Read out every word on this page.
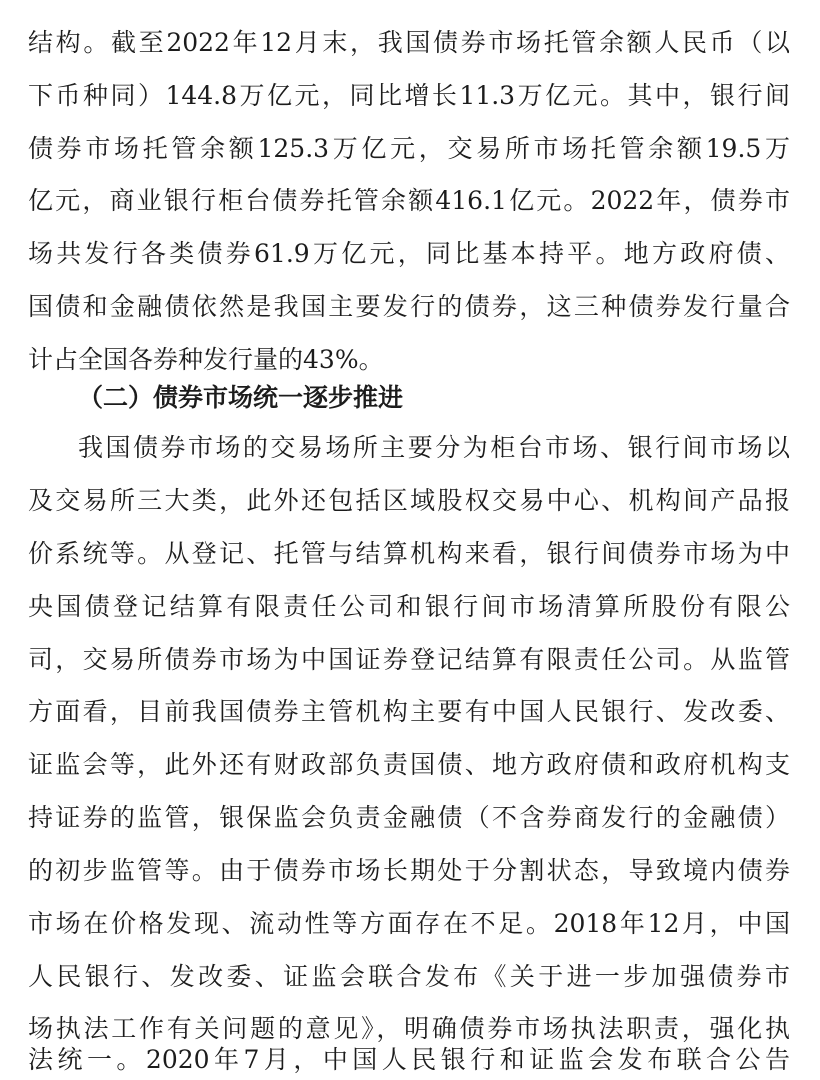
结构。截至2022年12月末，我国债券市场托管余额人民币（以
下币种同）144.8万亿元，同比增长11.3万亿元。其中，银行间
债券市场托管余额125.3万亿元，交易所市场托管余额19.5万
亿元，商业银行柜台债券托管余额416.1亿元。2022年，债券市
场共发行各类债券61.9万亿元，同比基本持平。地方政府债、
国债和金融债依然是我国主要发行的债券，这三种债券发行量合
计占全国各券种发行量的43%。
（二）债券市场统一逐步推进
我国债券市场的交易场所主要分为柜台市场、银行间市场以
及交易所三大类，此外还包括区域股权交易中心、机构间产品报
价系统等。从登记、托管与结算机构来看，银行间债券市场为中
央国债登记结算有限责任公司和银行间市场清算所股份有限公
司，交易所债券市场为中国证券登记结算有限责任公司。从监管
方面看，目前我国债券主管机构主要有中国人民银行、发改委、
证监会等，此外还有财政部负责国债、地方政府债和政府机构支
持证券的监管，银保监会负责金融债（不含券商发行的金融债）
的初步监管等。由于债券市场长期处于分割状态，导致境内债券
市场在价格发现、流动性等方面存在不足。2018年12月，中国
人民银行、发改委、证监会联合发布《关于进一步加强债券市
场执法工作有关问题的意见》，明确债券市场执法职责，强化执
法统一。2020年7月，中国人民银行和证监会发布联合公告
